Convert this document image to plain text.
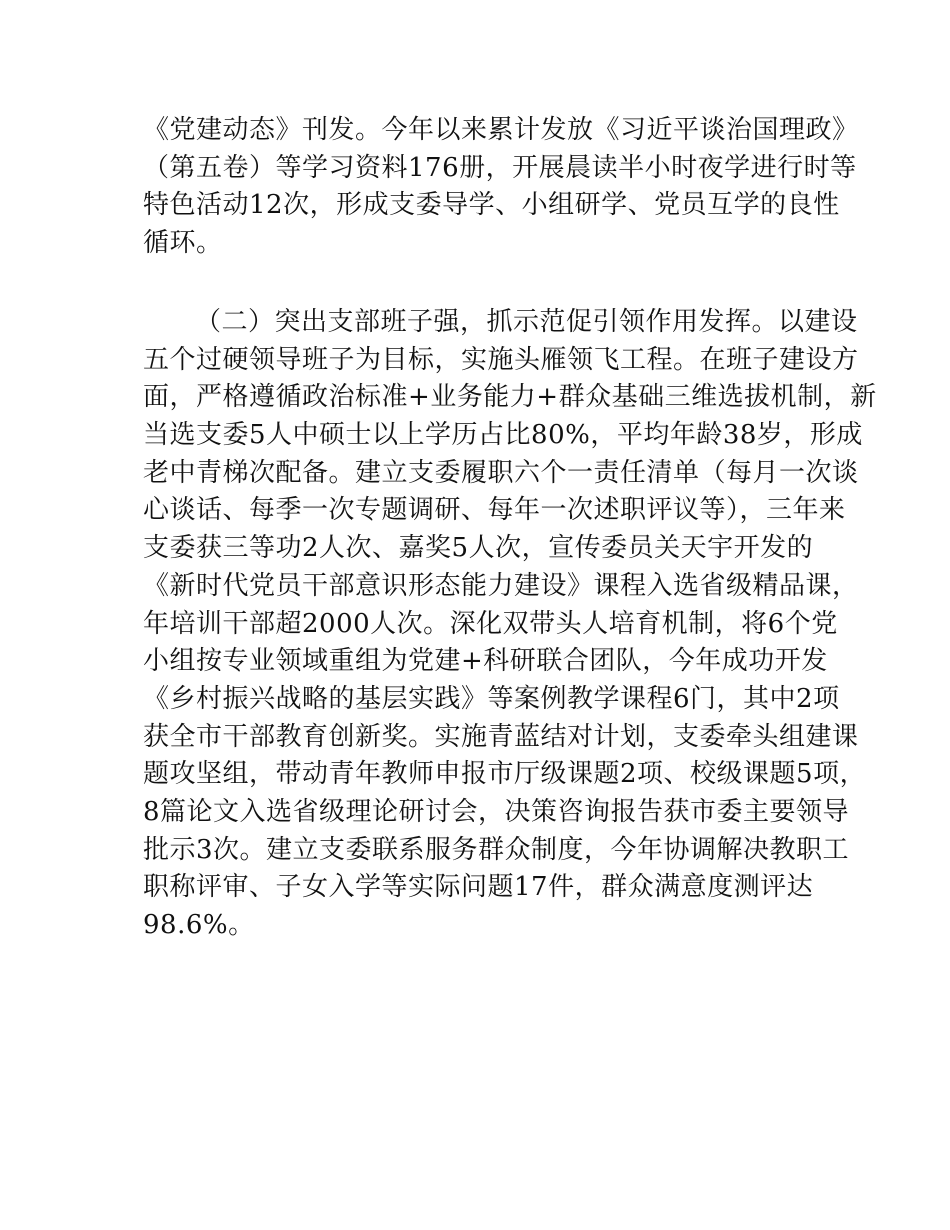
《党建动态》刊发。今年以来累计发放《习近平谈治国理政》
（第五卷）等学习资料176册，开展晨读半小时夜学进行时等
特色活动12次，形成支委导学、小组研学、党员互学的良性
循环。
（二）突出支部班子强，抓示范促引领作用发挥。以建设
五个过硬领导班子为目标，实施头雁领飞工程。在班子建设方
面，严格遵循政治标准+业务能力+群众基础三维选拔机制，新
当选支委5人中硕士以上学历占比80%，平均年龄38岁，形成
老中青梯次配备。建立支委履职六个一责任清单（每月一次谈
心谈话、每季一次专题调研、每年一次述职评议等），三年来
支委获三等功2人次、嘉奖5人次，宣传委员关天宇开发的
《新时代党员干部意识形态能力建设》课程入选省级精品课，
年培训干部超2000人次。深化双带头人培育机制，将6个党
小组按专业领域重组为党建+科研联合团队，今年成功开发
《乡村振兴战略的基层实践》等案例教学课程6门，其中2项
获全市干部教育创新奖。实施青蓝结对计划，支委牵头组建课
题攻坚组，带动青年教师申报市厅级课题2项、校级课题5项，
8篇论文入选省级理论研讨会，决策咨询报告获市委主要领导
批示3次。建立支委联系服务群众制度，今年协调解决教职工
职称评审、子女入学等实际问题17件，群众满意度测评达
98.6%。
